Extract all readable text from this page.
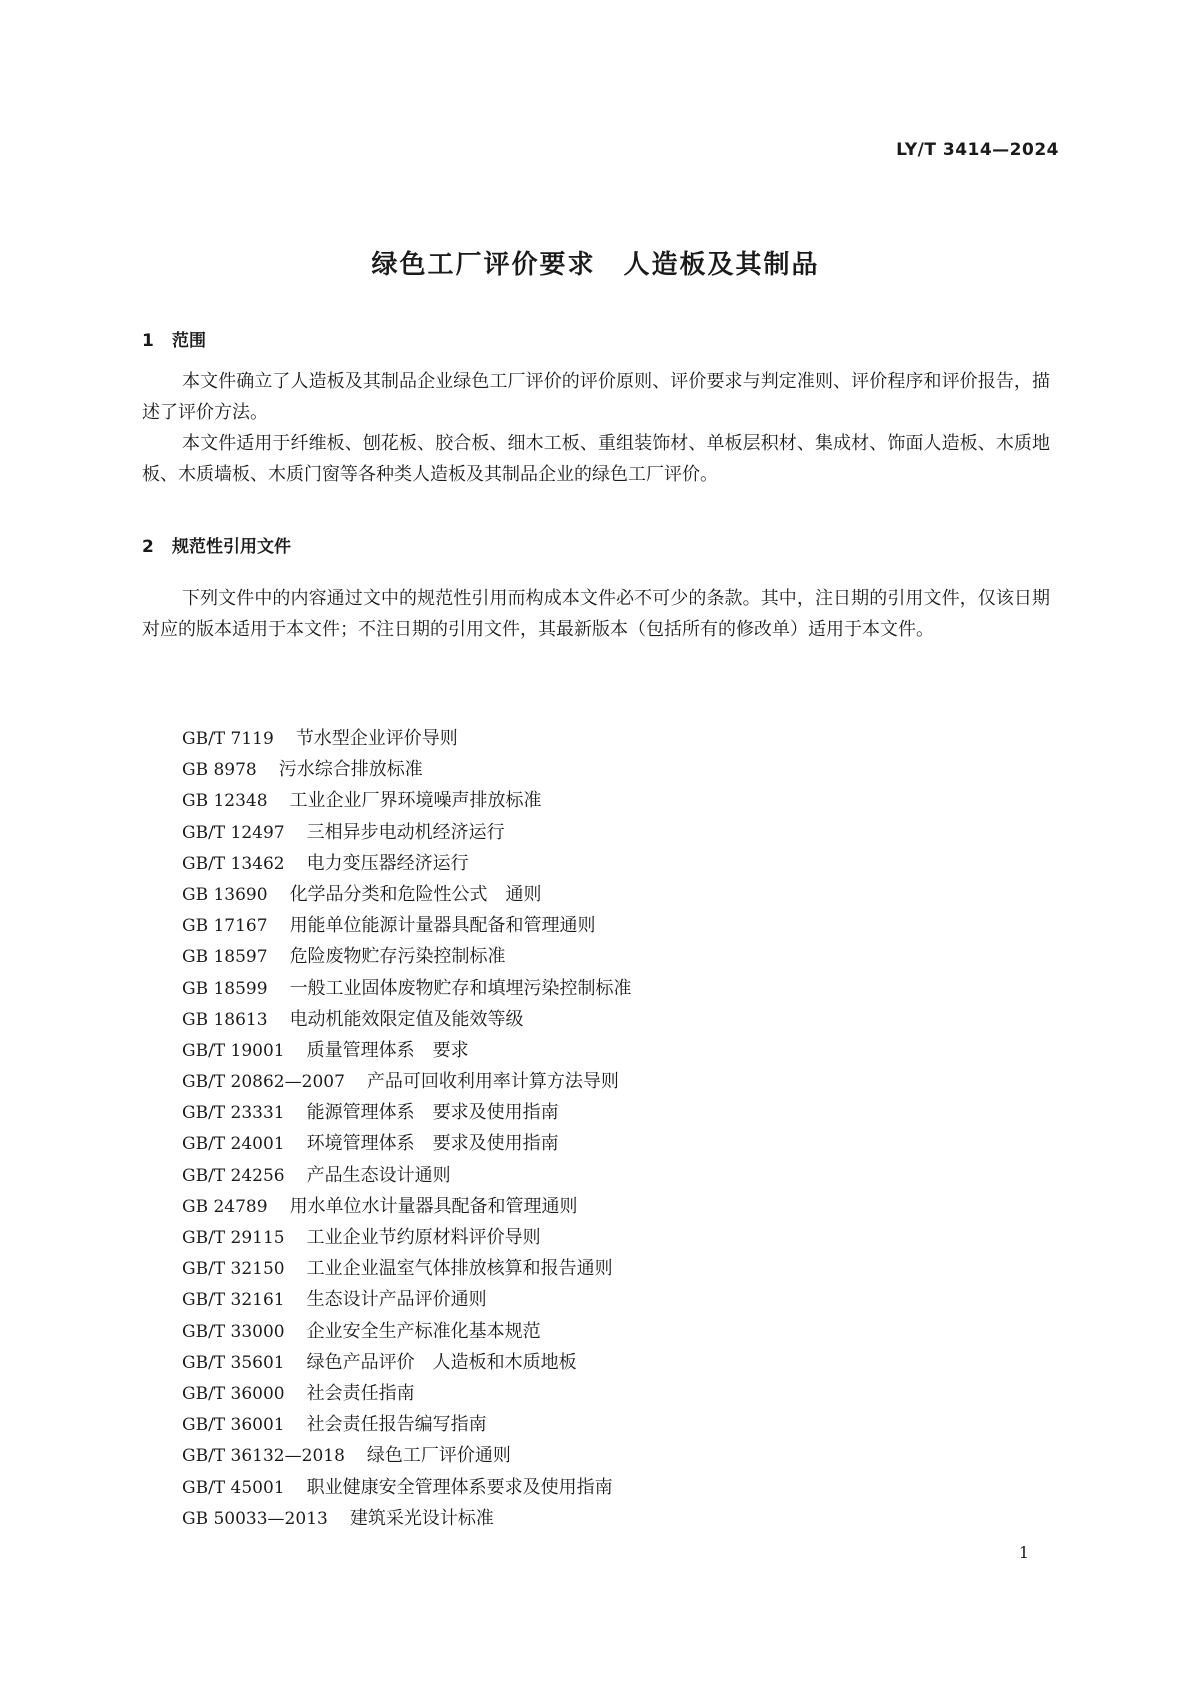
LY/T 3414—2024
绿色工厂评价要求　人造板及其制品
1 范围

本文件确立了人造板及其制品企业绿色工厂评价的评价原则、评价要求与判定准则、评价程序和评价报告，描述了评价方法。

本文件适用于纤维板、刨花板、胶合板、细木工板、重组装饰材、单板层积材、集成材、饰面人造板、木质地板、木质墙板、木质门窗等各种类人造板及其制品企业的绿色工厂评价。

2 规范性引用文件

下列文件中的内容通过文中的规范性引用而构成本文件必不可少的条款。其中，注日期的引用文件，仅该日期对应的版本适用于本文件；不注日期的引用文件，其最新版本（包括所有的修改单）适用于本文件。

GB/T 7119 节水型企业评价导则
GB 8978 污水综合排放标准
GB 12348 工业企业厂界环境噪声排放标准
GB/T 12497 三相异步电动机经济运行
GB/T 13462 电力变压器经济运行
GB 13690 化学品分类和危险性公式　通则
GB 17167 用能单位能源计量器具配备和管理通则
GB 18597 危险废物贮存污染控制标准
GB 18599 一般工业固体废物贮存和填埋污染控制标准
GB 18613 电动机能效限定值及能效等级
GB/T 19001 质量管理体系　要求
GB/T 20862—2007 产品可回收利用率计算方法导则
GB/T 23331 能源管理体系　要求及使用指南
GB/T 24001 环境管理体系　要求及使用指南
GB/T 24256 产品生态设计通则
GB 24789 用水单位水计量器具配备和管理通则
GB/T 29115 工业企业节约原材料评价导则
GB/T 32150 工业企业温室气体排放核算和报告通则
GB/T 32161 生态设计产品评价通则
GB/T 33000 企业安全生产标准化基本规范
GB/T 35601 绿色产品评价　人造板和木质地板
GB/T 36000 社会责任指南
GB/T 36001 社会责任报告编写指南
GB/T 36132—2018 绿色工厂评价通则
GB/T 45001 职业健康安全管理体系要求及使用指南
GB 50033—2013 建筑采光设计标准
1
